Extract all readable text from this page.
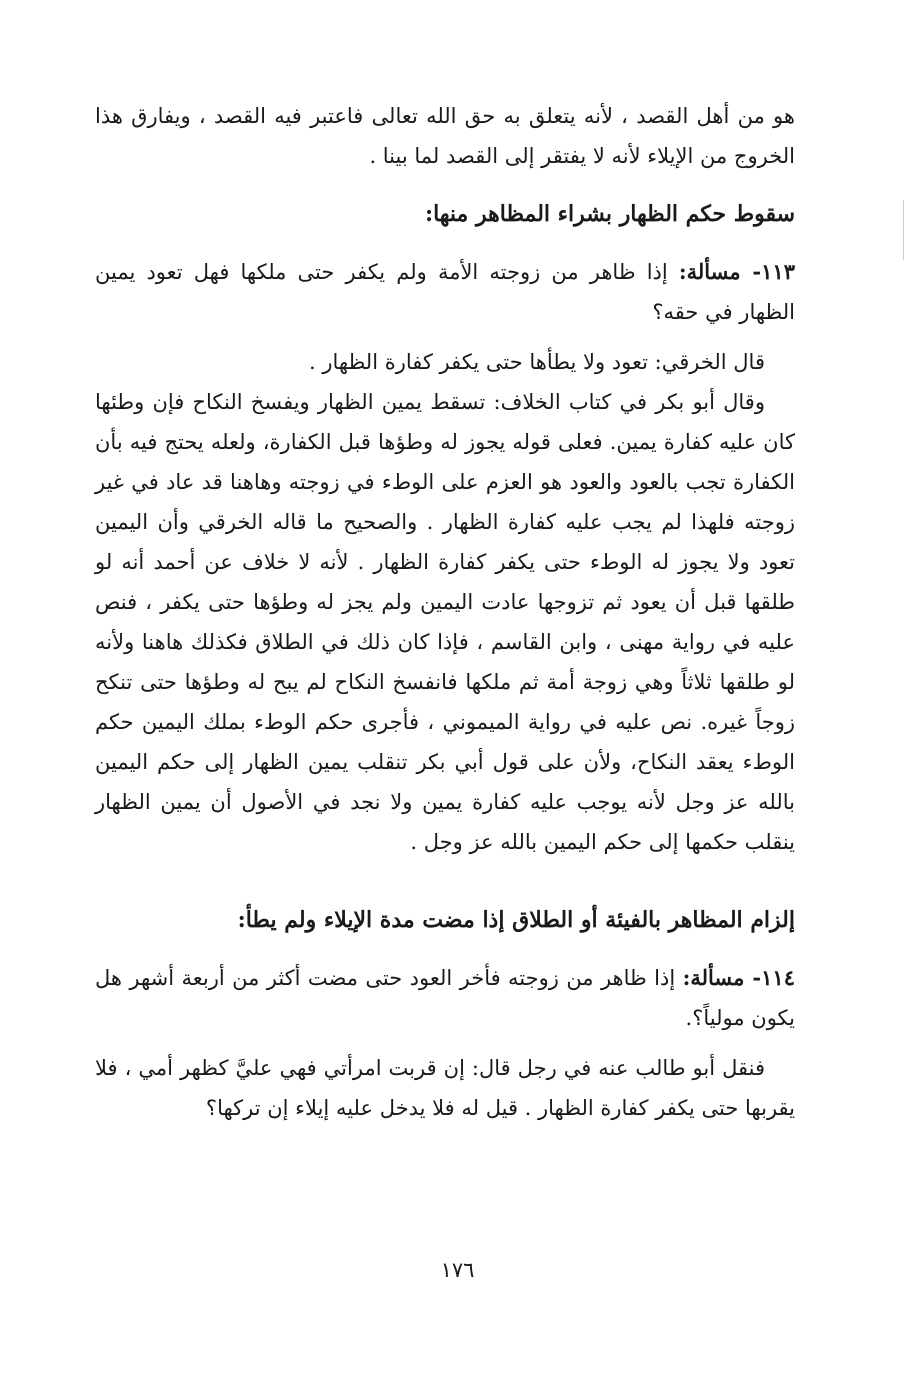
هو من أهل القصد ، لأنه يتعلق به حق الله تعالى فاعتبر فيه القصد ، ويفارق هذا الخروج من الإيلاء لأنه لا يفتقر إلى القصد لما بينا .

سقوط حكم الظهار بشراء المظاهر منها:

١١٣- مسألة: إذا ظاهر من زوجته الأمة ولم يكفر حتى ملكها فهل تعود يمين الظهار في حقه؟

قال الخرقي: تعود ولا يطأها حتى يكفر كفارة الظهار .

وقال أبو بكر في كتاب الخلاف: تسقط يمين الظهار ويفسخ النكاح فإن وطئها كان عليه كفارة يمين. فعلى قوله يجوز له وطؤها قبل الكفارة، ولعله يحتج فيه بأن الكفارة تجب بالعود والعود هو العزم على الوطء في زوجته وهاهنا قد عاد في غير زوجته فلهذا لم يجب عليه كفارة الظهار . والصحيح ما قاله الخرقي وأن اليمين تعود ولا يجوز له الوطء حتى يكفر كفارة الظهار . لأنه لا خلاف عن أحمد أنه لو طلقها قبل أن يعود ثم تزوجها عادت اليمين ولم يجز له وطؤها حتى يكفر ، فنص عليه في رواية مهنى ، وابن القاسم ، فإذا كان ذلك في الطلاق فكذلك هاهنا ولأنه لو طلقها ثلاثاً وهي زوجة أمة ثم ملكها فانفسخ النكاح لم يبح له وطؤها حتى تنكح زوجاً غيره. نص عليه في رواية الميموني ، فأجرى حكم الوطء بملك اليمين حكم الوطء يعقد النكاح، ولأن على قول أبي بكر تنقلب يمين الظهار إلى حكم اليمين بالله عز وجل لأنه يوجب عليه كفارة يمين ولا نجد في الأصول أن يمين الظهار ينقلب حكمها إلى حكم اليمين بالله عز وجل .

إلزام المظاهر بالفيئة أو الطلاق إذا مضت مدة الإيلاء ولم يطأ:

١١٤- مسألة: إذا ظاهر من زوجته فأخر العود حتى مضت أكثر من أربعة أشهر هل يكون مولياً؟.

فنقل أبو طالب عنه في رجل قال: إن قربت امرأتي فهي عليَّ كظهر أمي ، فلا يقربها حتى يكفر كفارة الظهار . قيل له فلا يدخل عليه إيلاء إن تركها؟

١٧٦
